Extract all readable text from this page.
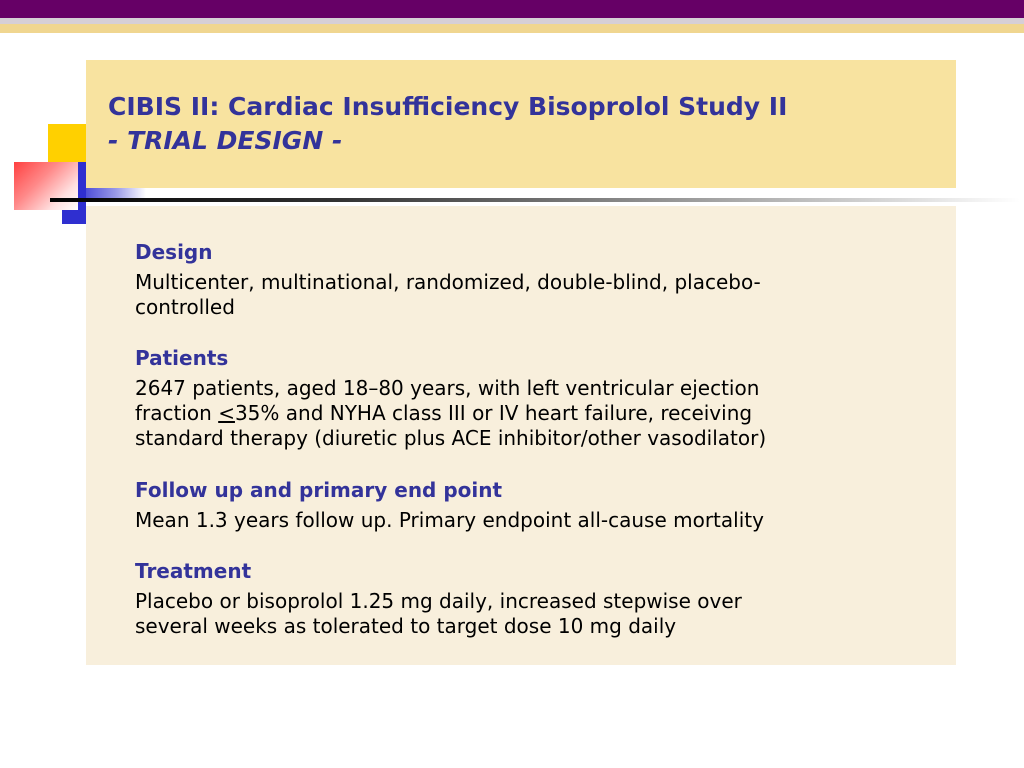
CIBIS II: Cardiac Insufficiency Bisoprolol Study II
- TRIAL DESIGN -
Design
Multicenter, multinational, randomized, double-blind, placebo-
controlled
Patients
2647 patients, aged 18–80 years, with left ventricular ejection
fraction ≤35% and NYHA class III or IV heart failure, receiving
standard therapy (diuretic plus ACE inhibitor/other vasodilator)
Follow up and primary end point
Mean 1.3 years follow up. Primary endpoint all-cause mortality
Treatment
Placebo or bisoprolol 1.25 mg daily, increased stepwise over
several weeks as tolerated to target dose 10 mg daily
